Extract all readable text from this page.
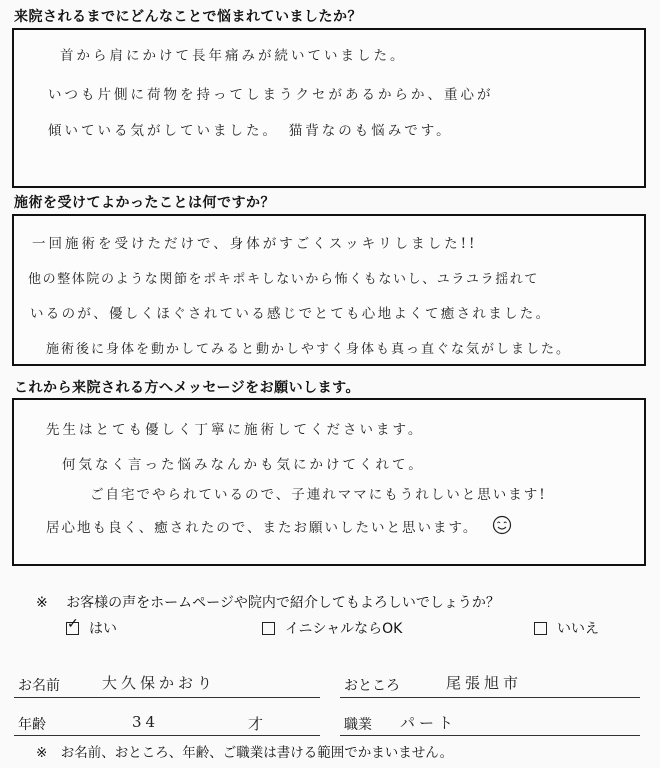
来院されるまでにどんなことで悩まれていましたか？
首から肩にかけて長年痛みが続いていました。
いつも片側に荷物を持ってしまうクセがあるからか、重心が
傾いている気がしていました。　猫背なのも悩みです。
施術を受けてよかったことは何ですか？
一回施術を受けただけで、身体がすごくスッキリしました!!
他の整体院のような関節をポキポキしないから怖くもないし、ユラユラ揺れて
いるのが、優しくほぐされている感じでとても心地よくて癒されました。
施術後に身体を動かしてみると動かしやすく身体も真っ直ぐな気がしました。
これから来院される方へメッセージをお願いします。
先生はとても優しく丁寧に施術してくださいます。
何気なく言った悩みなんかも気にかけてくれて。
ご自宅でやられているので、子連れママにもうれしいと思います!
居心地も良く、癒されたので、またお願いしたいと思います。
※ お客様の声をホームページや院内で紹介してもよろしいでしょうか？
✓ はい	イニシャルならOK	いいえ
お名前	大久保かおり	おところ	尾張旭市
年齢	34	才	職業 パート
※　お名前、おところ、年齢、ご職業は書ける範囲でかまいません。
